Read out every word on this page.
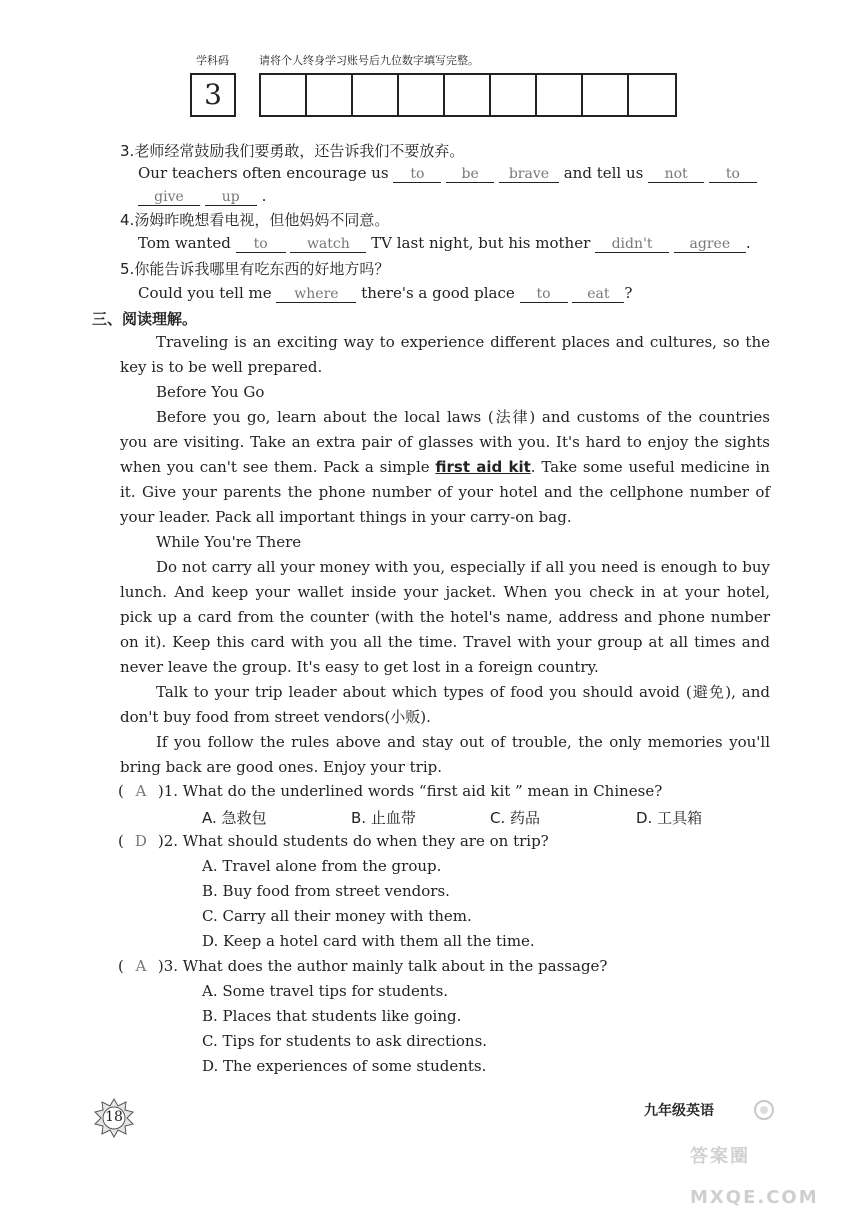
学科码	请将个人终身学习账号后九位数字填写完整。
3
3.老师经常鼓励我们要勇敢，还告诉我们不要放弃。
Our teachers often encourage us to	be brave and tell us not	to
give	up .
4.汤姆昨晚想看电视，但他妈妈不同意。
Tom wanted to	watch TV last night, but his mother didn't	agree .
5.你能告诉我哪里有吃东西的好地方吗？
Could you tell me where there's a good place to	eat ?
三、阅读理解。
Traveling is an exciting way to experience different places and cultures, so the key is to be well prepared.
Before You Go
Before you go, learn about the local laws (法律) and customs of the countries you are visiting. Take an extra pair of glasses with you. It's hard to enjoy the sights when you can't see them. Pack a simple first aid kit. Take some useful medicine in it. Give your parents the phone number of your hotel and the cellphone number of your leader. Pack all important things in your carry-on bag.
While You're There
Do not carry all your money with you, especially if all you need is enough to buy lunch. And keep your wallet inside your jacket. When you check in at your hotel, pick up a card from the counter (with the hotel's name, address and phone number on it). Keep this card with you all the time. Travel with your group at all times and never leave the group. It's easy to get lost in a foreign country.
Talk to your trip leader about which types of food you should avoid (避免), and don't buy food from street vendors(小贩).
If you follow the rules above and stay out of trouble, the only memories you'll bring back are good ones. Enjoy your trip.
( A )1. What do the underlined words “first aid kit ” mean in Chinese?
A. 急救包	B. 止血带	C. 药品	D. 工具箱
( D )2. What should students do when they are on trip?
A. Travel alone from the group.
B. Buy food from street vendors.
C. Carry all their money with them.
D. Keep a hotel card with them all the time.
( A )3. What does the author mainly talk about in the passage?
A. Some travel tips for students.
B. Places that students like going.
C. Tips for students to ask directions.
D. The experiences of some students.
18	九年级英语
答案圈 MXQE.COM
